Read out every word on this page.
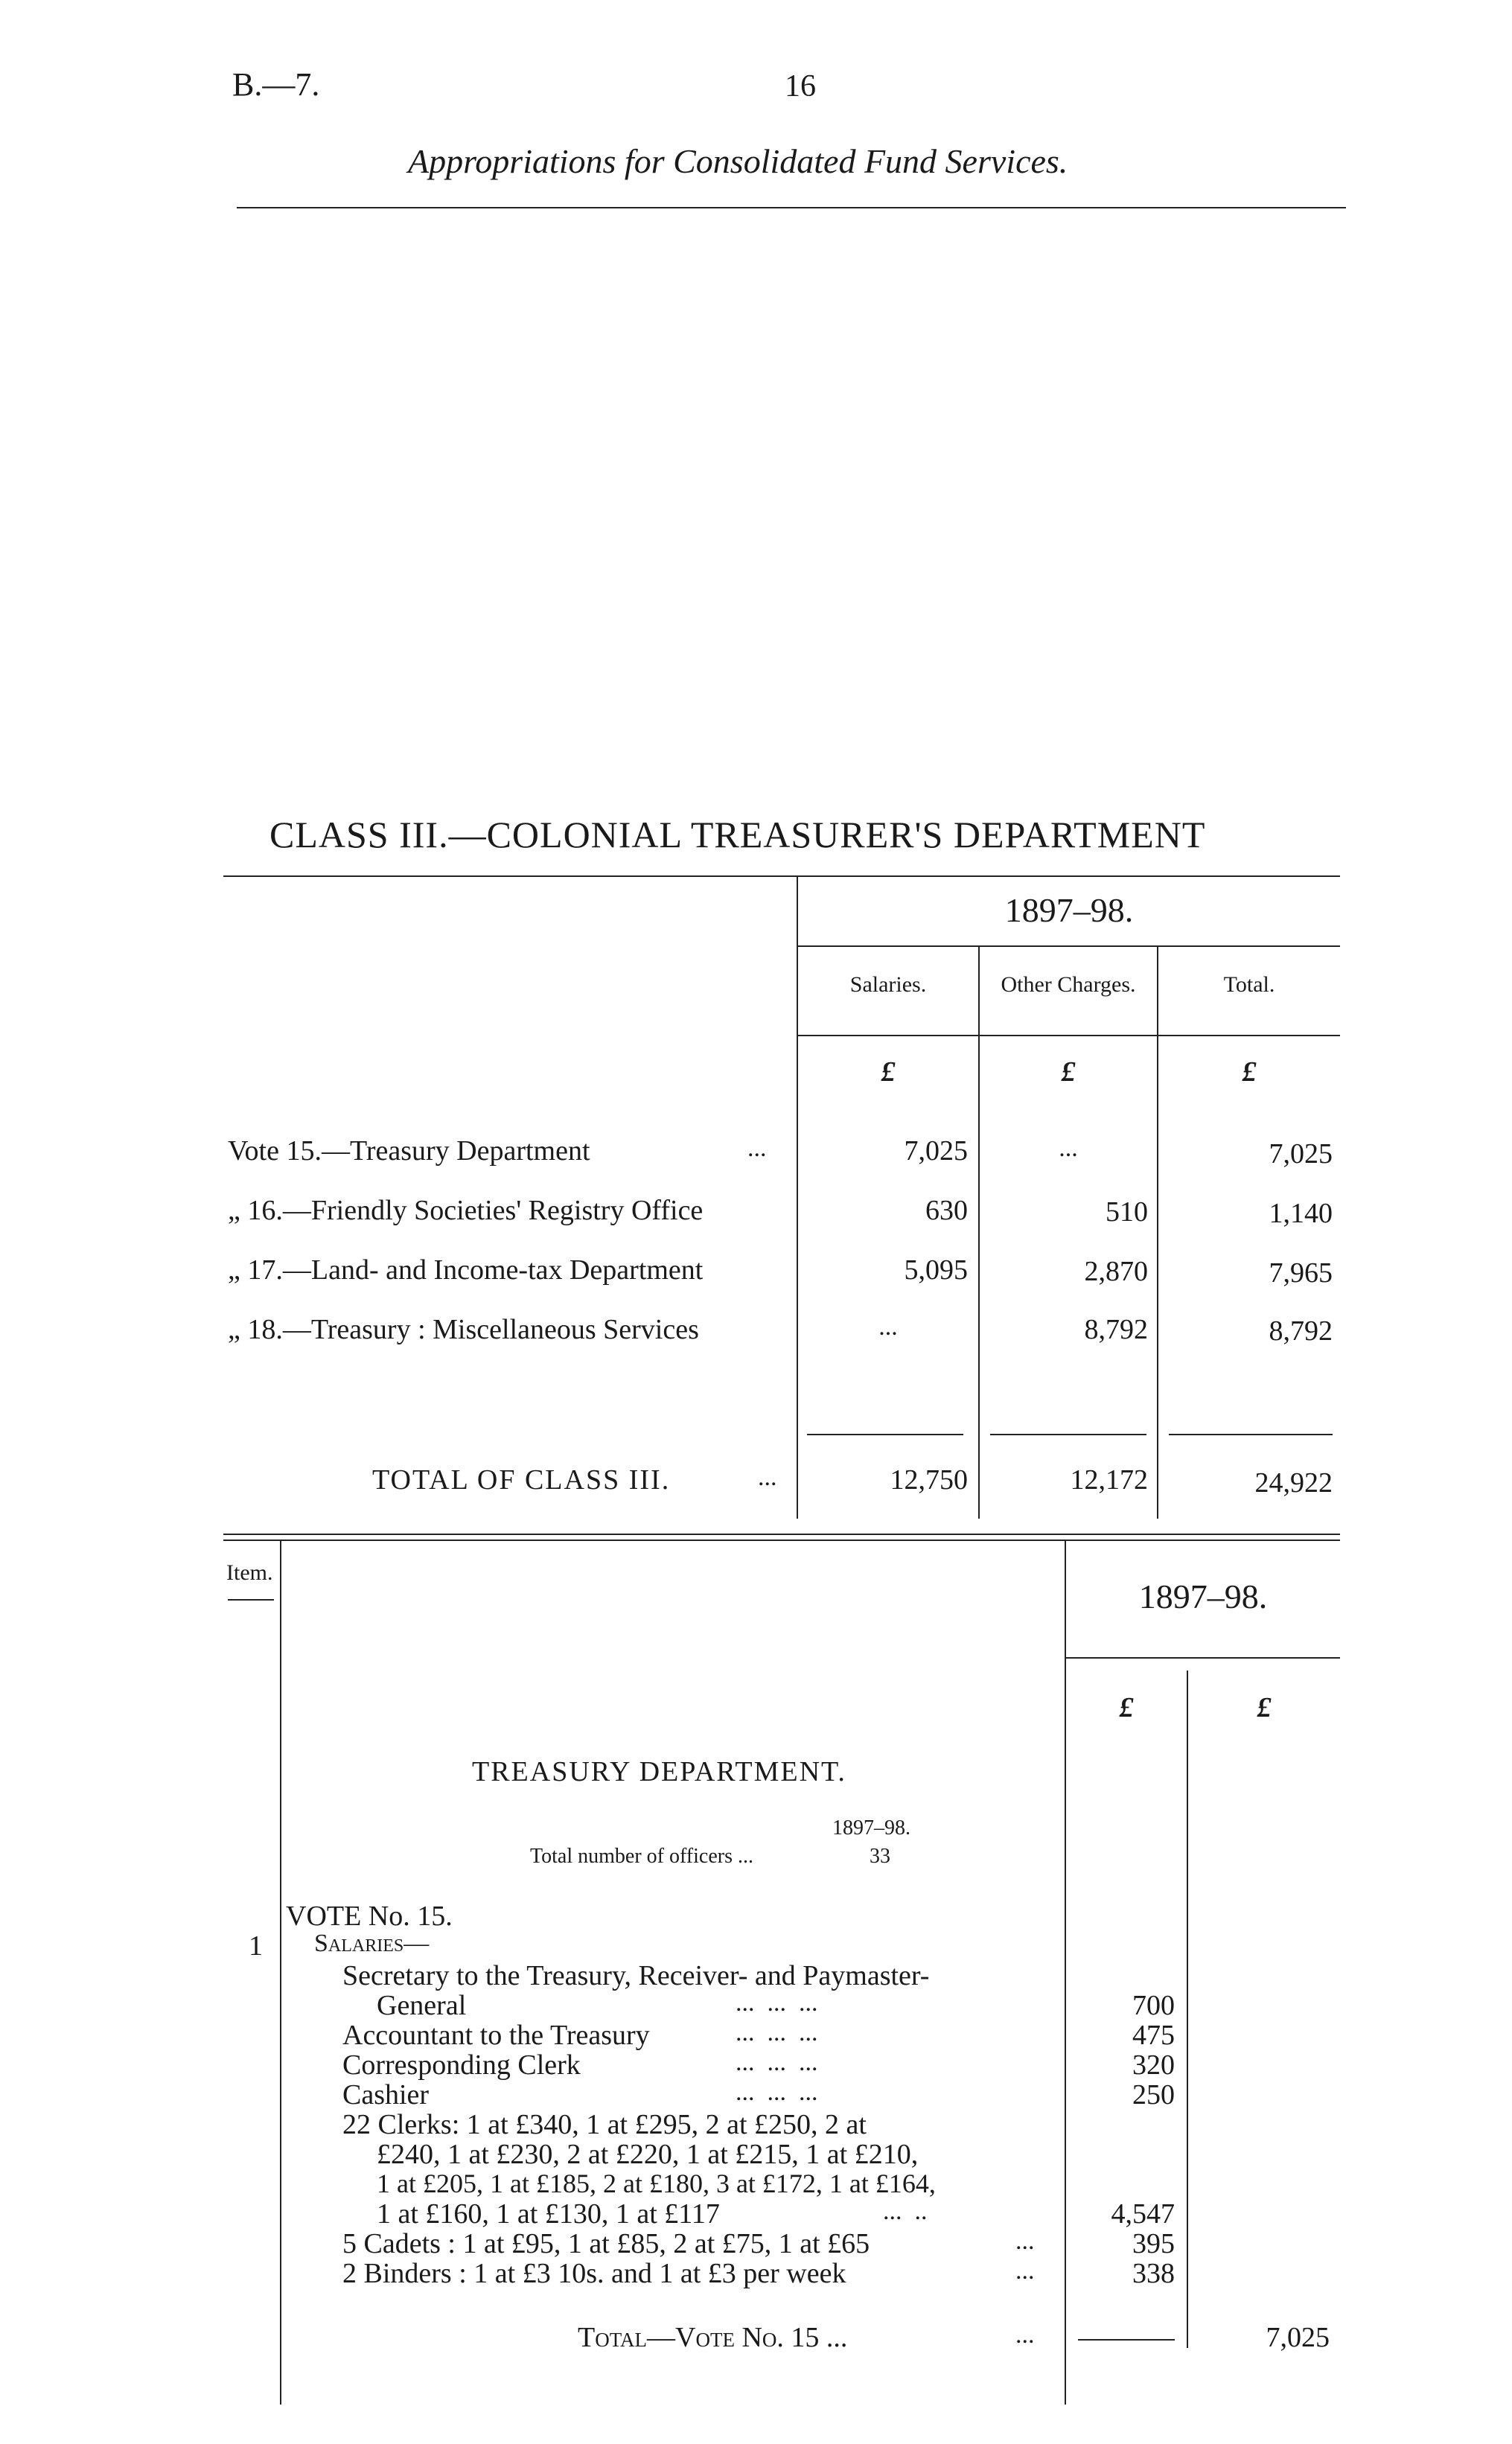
B.—7.	16
Appropriations for Consolidated Fund Services.
CLASS III.—COLONIAL TREASURER'S DEPARTMENT
1897–98.
Salaries.	Other Charges.	Total.
£	£	£
Vote 15.—Treasury Department	...	7,025	...	7,025
„ 16.—Friendly Societies' Registry Office	630	510	1,140
„ 17.—Land- and Income-tax Department	5,095	2,870	7,965
„ 18.—Treasury : Miscellaneous Services	...	8,792	8,792
TOTAL OF CLASS III.	...	12,750	12,172	24,922
Item.
1897–98.
£	£
TREASURY DEPARTMENT.
1897–98.
Total number of officers ...	33
VOTE No. 15.
1 Salaries—
Secretary to the Treasury, Receiver- and Paymaster-
General	...  ...  ...	700
Accountant to the Treasury	...  ...  ...	475
Corresponding Clerk	...  ...  ...	320
Cashier	...  ...  ...	250
22 Clerks: 1 at £340, 1 at £295, 2 at £250, 2 at
£240, 1 at £230, 2 at £220, 1 at £215, 1 at £210,
1 at £205, 1 at £185, 2 at £180, 3 at £172, 1 at £164,
1 at £160, 1 at £130, 1 at £117	...  ..	4,547
5 Cadets : 1 at £95, 1 at £85, 2 at £75, 1 at £65	...	395
2 Binders : 1 at £3 10s. and 1 at £3 per week	...	338
Total—Vote No. 15 ...	...	7,025
